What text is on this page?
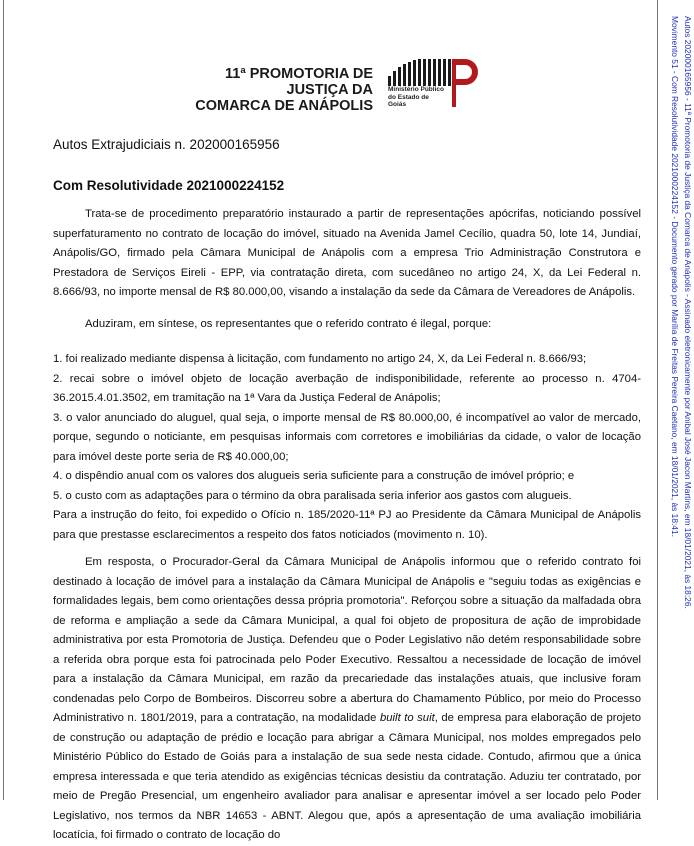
11ª PROMOTORIA DE JUSTIÇA DA
COMARCA DE ANÁPOLIS
Ministério Público
do Estado de Goiás	Autos 202000165956 - 11ª Promotoria de Justiça da Comarca de Anápolis - Assinado eletronicamente por Anibal José Jacon Martins, em 18/01/2021, às 18:26.
Movimento 51 - Com Resolutividade 2021000224152 - Documento gerado por Marília de Freitas Pereira Caetano, em 18/01/2021, às 18:41.
Autos Extrajudiciais n. 202000165956
Com Resolutividade 2021000224152
Trata-se de procedimento preparatório instaurado a partir de representações apócrifas, noticiando possível superfaturamento no contrato de locação do imóvel, situado na Avenida Jamel Cecílio, quadra 50, lote 14, Jundiaí, Anápolis/GO, firmado pela Câmara Municipal de Anápolis com a empresa Trio Administração Construtora e Prestadora de Serviços Eireli - EPP, via contratação direta, com sucedâneo no artigo 24, X, da Lei Federal n. 8.666/93, no importe mensal de R$ 80.000,00, visando a instalação da sede da Câmara de Vereadores de Anápolis.
Aduziram, em síntese, os representantes que o referido contrato é ilegal, porque:
1. foi realizado mediante dispensa à licitação, com fundamento no artigo 24, X, da Lei Federal n. 8.666/93;
2. recai sobre o imóvel objeto de locação averbação de indisponibilidade, referente ao processo n. 4704-36.2015.4.01.3502, em tramitação na 1ª Vara da Justiça Federal de Anápolis;
3. o valor anunciado do aluguel, qual seja, o importe mensal de R$ 80.000,00, é incompatível ao valor de mercado, porque, segundo o noticiante, em pesquisas informais com corretores e imobiliárias da cidade, o valor de locação para imóvel deste porte seria de R$ 40.000,00;
4. o dispêndio anual com os valores dos alugueis seria suficiente para a construção de imóvel próprio; e
5. o custo com as adaptações para o término da obra paralisada seria inferior aos gastos com alugueis.
Para a instrução do feito, foi expedido o Ofício n. 185/2020-11ª PJ ao Presidente da Câmara Municipal de Anápolis para que prestasse esclarecimentos a respeito dos fatos noticiados (movimento n. 10).
Em resposta, o Procurador-Geral da Câmara Municipal de Anápolis informou que o referido contrato foi destinado à locação de imóvel para a instalação da Câmara Municipal de Anápolis e "seguiu todas as exigências e formalidades legais, bem como orientações dessa própria promotoria". Reforçou sobre a situação da malfadada obra de reforma e ampliação a sede da Câmara Municipal, a qual foi objeto de propositura de ação de improbidade administrativa por esta Promotoria de Justiça. Defendeu que o Poder Legislativo não detém responsabilidade sobre a referida obra porque esta foi patrocinada pelo Poder Executivo. Ressaltou a necessidade de locação de imóvel para a instalação da Câmara Municipal, em razão da precariedade das instalações atuais, que inclusive foram condenadas pelo Corpo de Bombeiros. Discorreu sobre a abertura do Chamamento Público, por meio do Processo Administrativo n. 1801/2019, para a contratação, na modalidade built to suit, de empresa para elaboração de projeto de construção ou adaptação de prédio e locação para abrigar a Câmara Municipal, nos moldes empregados pelo Ministério Público do Estado de Goiás para a instalação de sua sede nesta cidade. Contudo, afirmou que a única empresa interessada e que teria atendido as exigências técnicas desistiu da contratação. Aduziu ter contratado, por meio de Pregão Presencial, um engenheiro avaliador para analisar e apresentar imóvel a ser locado pelo Poder Legislativo, nos termos da NBR 14653 - ABNT. Alegou que, após a apresentação de uma avaliação imobiliária locatícia, foi firmado o contrato de locação do
